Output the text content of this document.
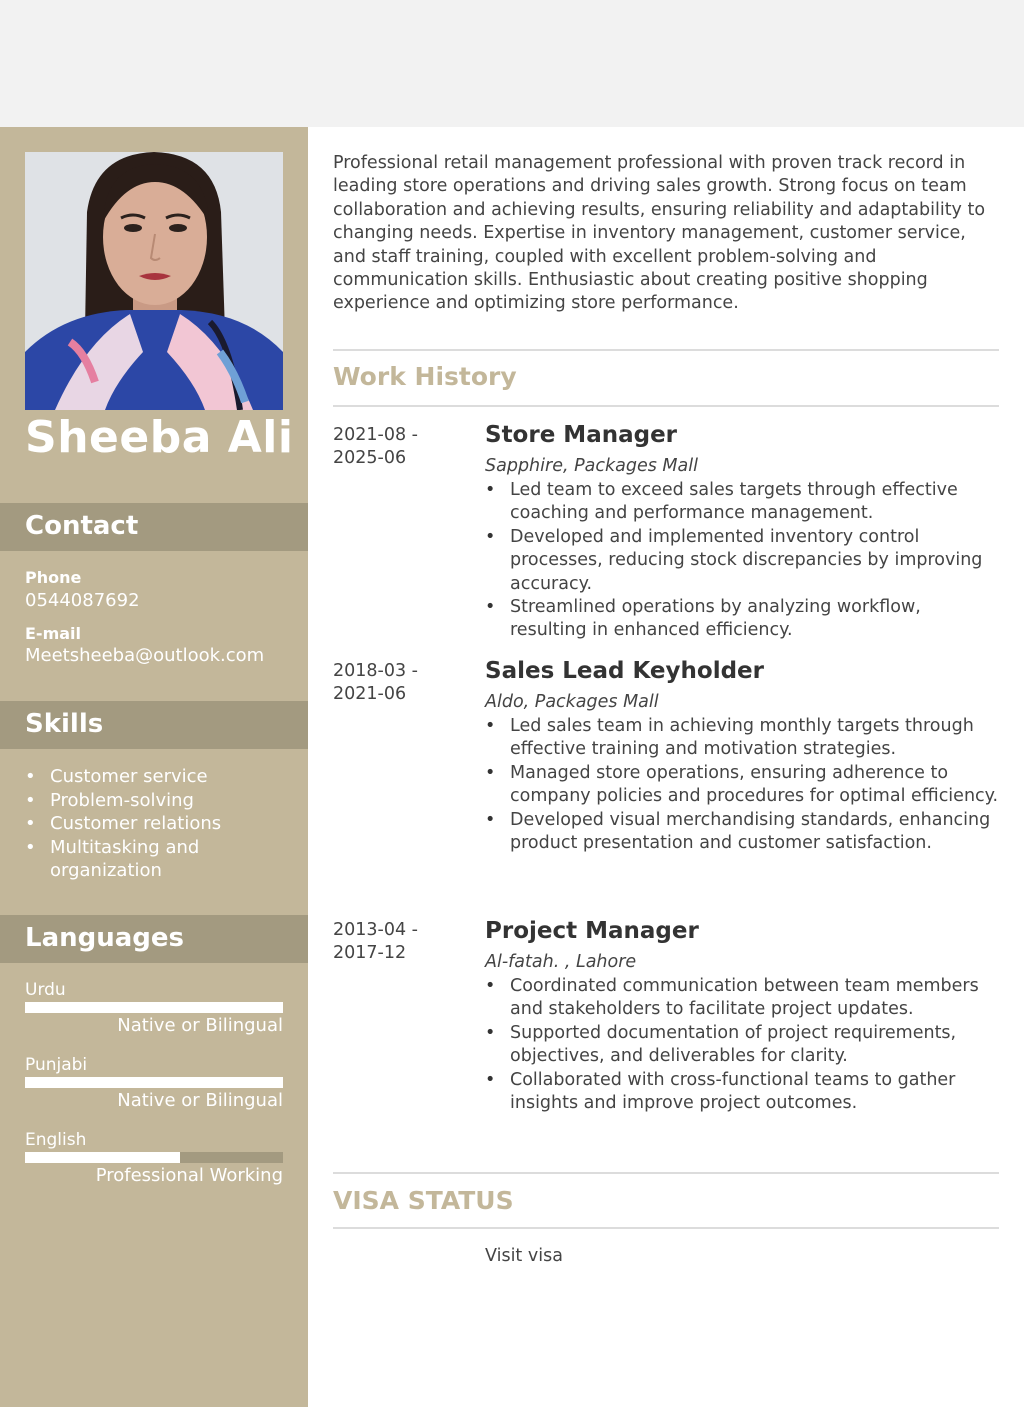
Sheeba Ali
Contact
Phone
0544087692
E-mail
Meetsheeba@outlook.com
Skills
• Customer service
• Problem-solving
• Customer relations
• Multitasking and organization
Languages
Urdu
Native or Bilingual
Punjabi
Native or Bilingual
English
Professional Working
Professional retail management professional with proven track record in leading store operations and driving sales growth. Strong focus on team collaboration and achieving results, ensuring reliability and adaptability to changing needs. Expertise in inventory management, customer service, and staff training, coupled with excellent problem-solving and communication skills. Enthusiastic about creating positive shopping experience and optimizing store performance.
Work History
2021-08 -
2025-06
Store Manager
Sapphire, Packages Mall
• Led team to exceed sales targets through effective coaching and performance management.
• Developed and implemented inventory control processes, reducing stock discrepancies by improving accuracy.
• Streamlined operations by analyzing workflow, resulting in enhanced efficiency.
2018-03 -
2021-06
Sales Lead Keyholder
Aldo, Packages Mall
• Led sales team in achieving monthly targets through effective training and motivation strategies.
• Managed store operations, ensuring adherence to company policies and procedures for optimal efficiency.
• Developed visual merchandising standards, enhancing product presentation and customer satisfaction.
2013-04 -
2017-12
Project Manager
Al-fatah. , Lahore
• Coordinated communication between team members and stakeholders to facilitate project updates.
• Supported documentation of project requirements, objectives, and deliverables for clarity.
• Collaborated with cross-functional teams to gather insights and improve project outcomes.
VISA STATUS
Visit visa
